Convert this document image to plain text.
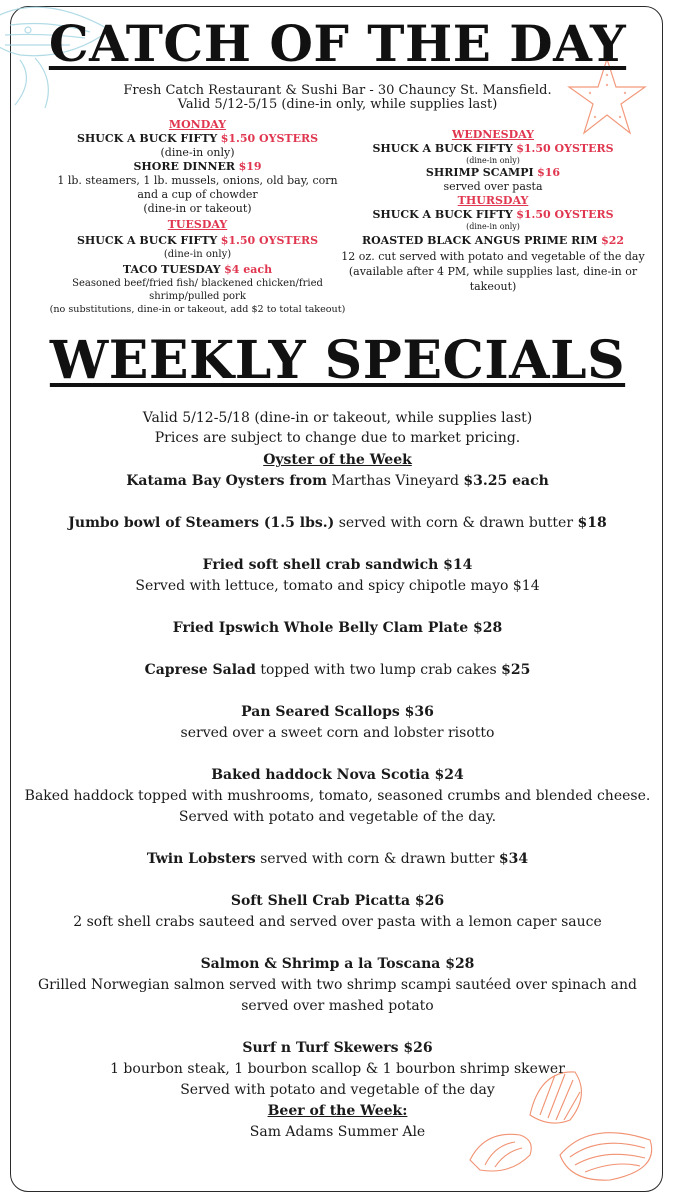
CATCH OF THE DAY
Fresh Catch Restaurant & Sushi Bar - 30 Chauncy St. Mansfield.
Valid 5/12-5/15 (dine-in only, while supplies last)
MONDAY
SHUCK A BUCK FIFTY $1.50 OYSTERS
(dine-in only)
SHORE DINNER $19
1 lb. steamers, 1 lb. mussels, onions, old bay, corn
and a cup of chowder
(dine-in or takeout)
TUESDAY
SHUCK A BUCK FIFTY $1.50 OYSTERS
(dine-in only)
TACO TUESDAY $4 each
Seasoned beef/fried fish/ blackened chicken/fried
shrimp/pulled pork
(no substitutions, dine-in or takeout, add $2 to total takeout)
WEDNESDAY
SHUCK A BUCK FIFTY $1.50 OYSTERS
(dine-in only)
SHRIMP SCAMPI $16
served over pasta
THURSDAY
SHUCK A BUCK FIFTY $1.50 OYSTERS
(dine-in only)
ROASTED BLACK ANGUS PRIME RIM $22
12 oz. cut served with potato and vegetable of the day
(available after 4 PM, while supplies last, dine-in or
takeout)
WEEKLY SPECIALS
Valid 5/12-5/18 (dine-in or takeout, while supplies last)
Prices are subject to change due to market pricing.
Oyster of the Week
Katama Bay Oysters from Marthas Vineyard $3.25 each
Jumbo bowl of Steamers (1.5 lbs.) served with corn & drawn butter $18
Fried soft shell crab sandwich $14
Served with lettuce, tomato and spicy chipotle mayo $14
Fried Ipswich Whole Belly Clam Plate $28
Caprese Salad topped with two lump crab cakes $25
Pan Seared Scallops $36
served over a sweet corn and lobster risotto
Baked haddock Nova Scotia $24
Baked haddock topped with mushrooms, tomato, seasoned crumbs and blended cheese.
Served with potato and vegetable of the day.
Twin Lobsters served with corn & drawn butter $34
Soft Shell Crab Picatta $26
2 soft shell crabs sauteed and served over pasta with a lemon caper sauce
Salmon & Shrimp a la Toscana $28
Grilled Norwegian salmon served with two shrimp scampi sautéed over spinach and
served over mashed potato
Surf n Turf Skewers $26
1 bourbon steak, 1 bourbon scallop & 1 bourbon shrimp skewer
Served with potato and vegetable of the day
Beer of the Week:
Sam Adams Summer Ale
